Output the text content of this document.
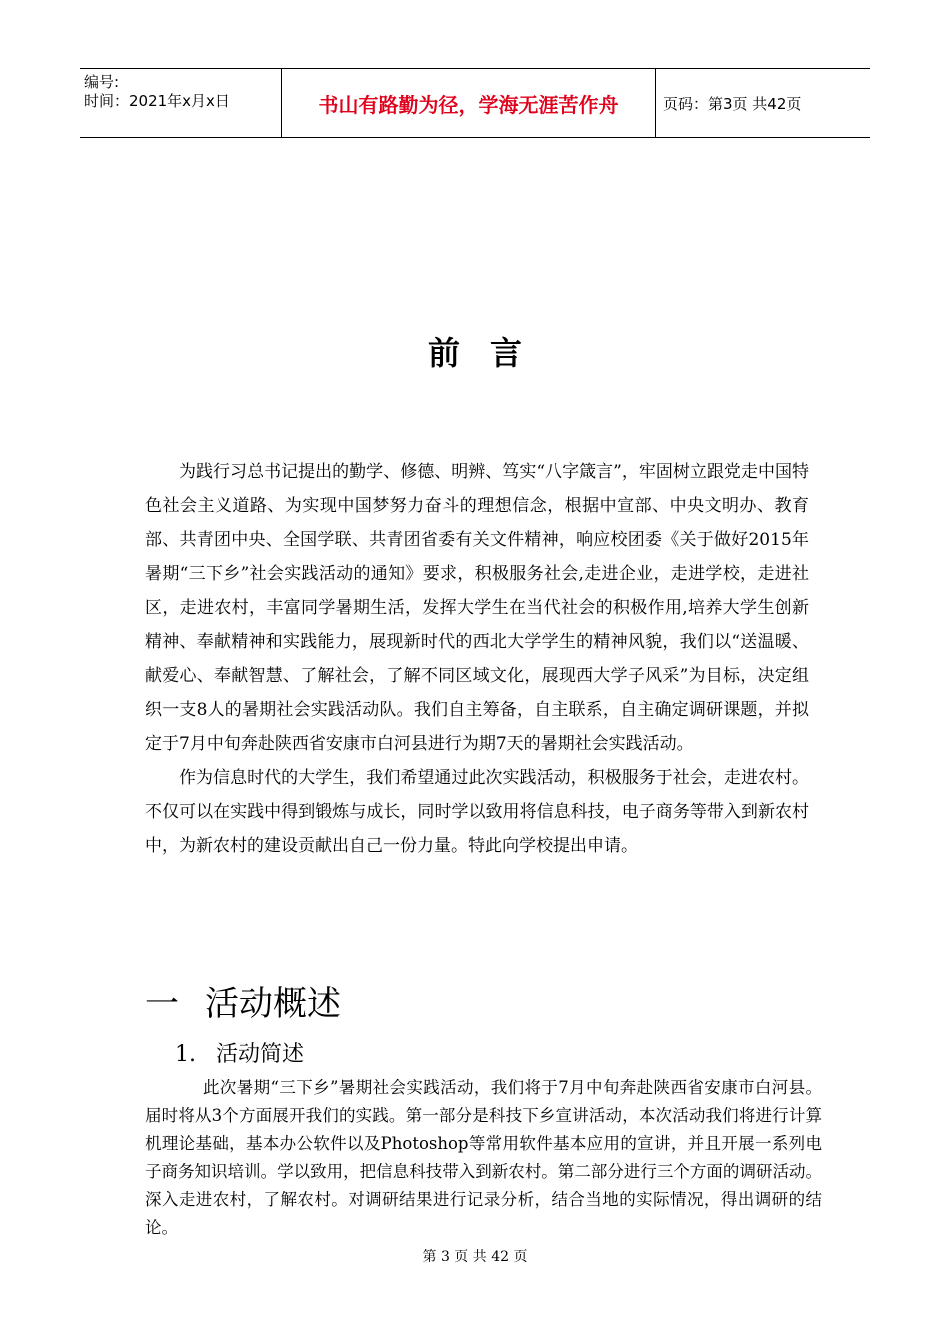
编号:
时间：2021年x月x日	书山有路勤为径，学海无涯苦作舟	页码：第3页 共42页
前言

为践行习总书记提出的勤学、修德、明辨、笃实“八字箴言”，牢固树立跟党走中国特色社会主义道路、为实现中国梦努力奋斗的理想信念，根据中宣部、中央文明办、教育部、共青团中央、全国学联、共青团省委有关文件精神，响应校团委《关于做好2015年暑期“三下乡”社会实践活动的通知》要求，积极服务社会,走进企业，走进学校，走进社区，走进农村，丰富同学暑期生活，发挥大学生在当代社会的积极作用,培养大学生创新精神、奉献精神和实践能力，展现新时代的西北大学学生的精神风貌，我们以“送温暖、献爱心、奉献智慧、了解社会，了解不同区域文化，展现西大学子风采”为目标，决定组织一支8人的暑期社会实践活动队。我们自主筹备，自主联系，自主确定调研课题，并拟定于7月中旬奔赴陕西省安康市白河县进行为期7天的暑期社会实践活动。

作为信息时代的大学生，我们希望通过此次实践活动，积极服务于社会，走进农村。不仅可以在实践中得到锻炼与成长，同时学以致用将信息科技，电子商务等带入到新农村中，为新农村的建设贡献出自己一份力量。特此向学校提出申请。

一 活动概述
1. 活动简述

此次暑期“三下乡”暑期社会实践活动，我们将于7月中旬奔赴陕西省安康市白河县。届时将从3个方面展开我们的实践。第一部分是科技下乡宣讲活动，本次活动我们将进行计算机理论基础，基本办公软件以及Photoshop等常用软件基本应用的宣讲，并且开展一系列电子商务知识培训。学以致用，把信息科技带入到新农村。第二部分进行三个方面的调研活动。深入走进农村，了解农村。对调研结果进行记录分析，结合当地的实际情况，得出调研的结论。

第 3 页 共 42 页
